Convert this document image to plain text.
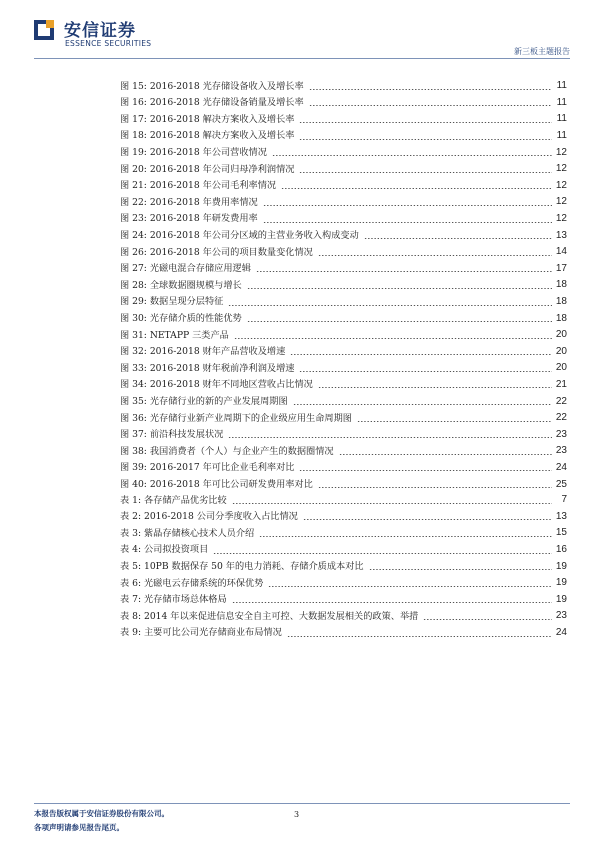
安信证券
ESSENCE SECURITIES
新三板主题报告
图 15: 2016-2018 光存储设备收入及增长率	11
图 16: 2016-2018 光存储设备销量及增长率	11
图 17: 2016-2018 解决方案收入及增长率	11
图 18: 2016-2018 解决方案收入及增长率	11
图 19: 2016-2018 年公司营收情况	12
图 20: 2016-2018 年公司归母净利润情况	12
图 21: 2016-2018 年公司毛利率情况	12
图 22: 2016-2018 年费用率情况	12
图 23: 2016-2018 年研发费用率	12
图 24: 2016-2018 年公司分区域的主营业务收入构成变动	13
图 26: 2016-2018 年公司的项目数量变化情况	14
图 27: 光磁电混合存储应用逻辑	17
图 28: 全球数据圈规模与增长	18
图 29: 数据呈现分层特征	18
图 30: 光存储介质的性能优势	18
图 31: NETAPP 三类产品	20
图 32: 2016-2018 财年产品营收及增速	20
图 33: 2016-2018 财年税前净利润及增速	20
图 34: 2016-2018 财年不同地区营收占比情况	21
图 35: 光存储行业的新的产业发展周期图	22
图 36: 光存储行业新产业周期下的企业级应用生命周期图	22
图 37: 前沿科技发展状况	23
图 38: 我国消费者（个人）与企业产生的数据圈情况	23
图 39: 2016-2017 年可比企业毛利率对比	24
图 40: 2016-2018 年可比公司研发费用率对比	25
表 1: 各存储产品优劣比较	7
表 2: 2016-2018 公司分季度收入占比情况	13
表 3: 紫晶存储核心技术人员介绍	15
表 4: 公司拟投资项目	16
表 5: 10PB 数据保存 50 年的电力消耗、存储介质成本对比	19
表 6: 光磁电云存储系统的环保优势	19
表 7: 光存储市场总体格局	19
表 8: 2014 年以来促进信息安全自主可控、大数据发展相关的政策、举措	23
表 9: 主要可比公司光存储商业布局情况	24
本报告版权属于安信证券股份有限公司。
各项声明请参见报告尾页。
3
